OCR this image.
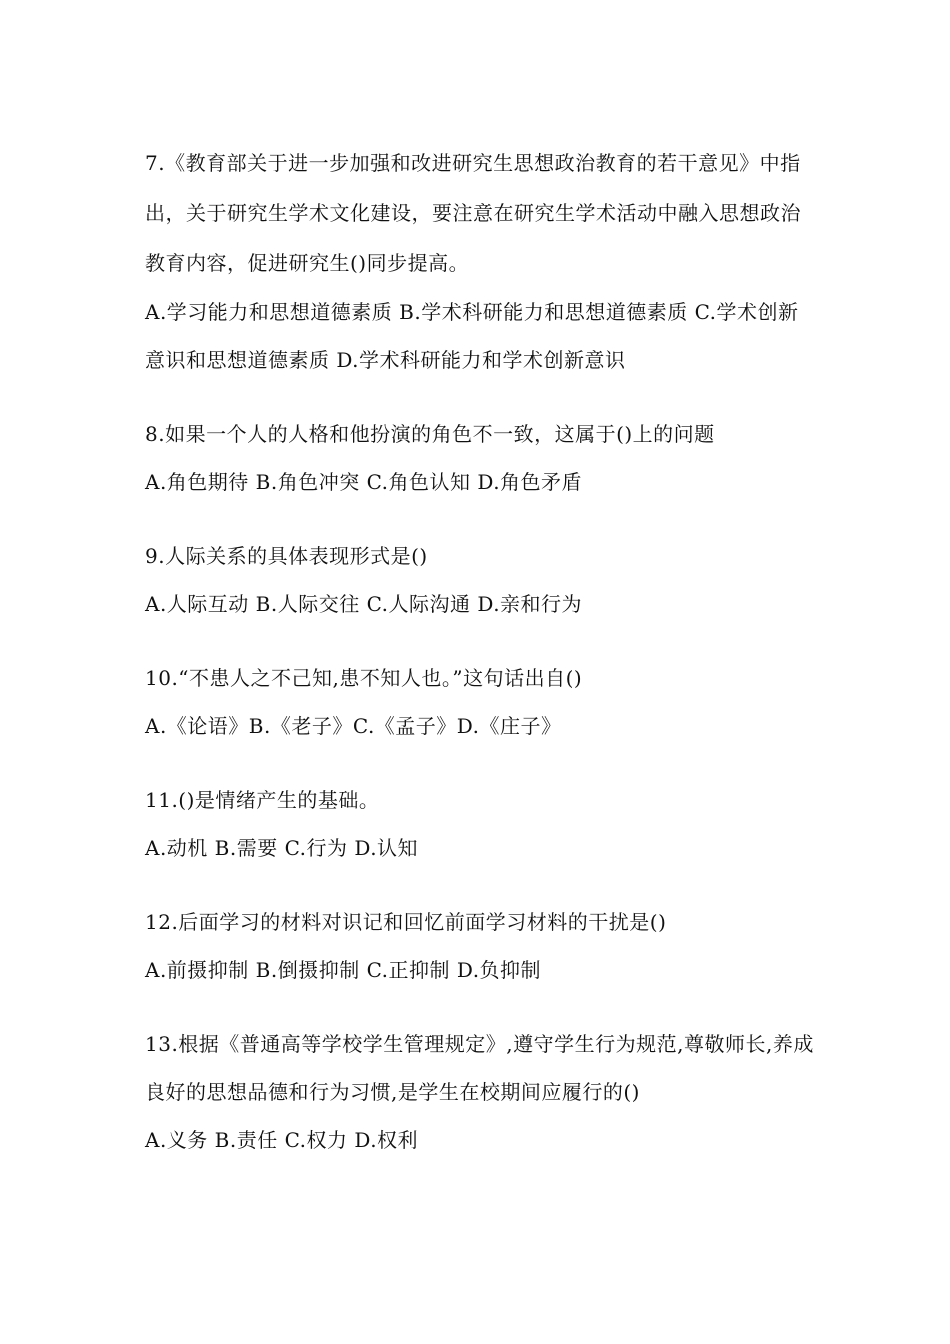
7.《教育部关于进一步加强和改进研究生思想政治教育的若干意见》中指出，关于研究生学术文化建设，要注意在研究生学术活动中融入思想政治教育内容，促进研究生()同步提高。
A.学习能力和思想道德素质 B.学术科研能力和思想道德素质 C.学术创新意识和思想道德素质 D.学术科研能力和学术创新意识
8.如果一个人的人格和他扮演的角色不一致，这属于()上的问题
A.角色期待 B.角色冲突 C.角色认知 D.角色矛盾
9.人际关系的具体表现形式是()
A.人际互动 B.人际交往 C.人际沟通 D.亲和行为
10.“不患人之不己知,患不知人也。”这句话出自()
A.《论语》B.《老子》C.《孟子》D.《庄子》
11.()是情绪产生的基础。
A.动机 B.需要 C.行为 D.认知
12.后面学习的材料对识记和回忆前面学习材料的干扰是()
A.前摄抑制 B.倒摄抑制 C.正抑制 D.负抑制
13.根据《普通高等学校学生管理规定》,遵守学生行为规范,尊敬师长,养成良好的思想品德和行为习惯,是学生在校期间应履行的()
A.义务 B.责任 C.权力 D.权利
